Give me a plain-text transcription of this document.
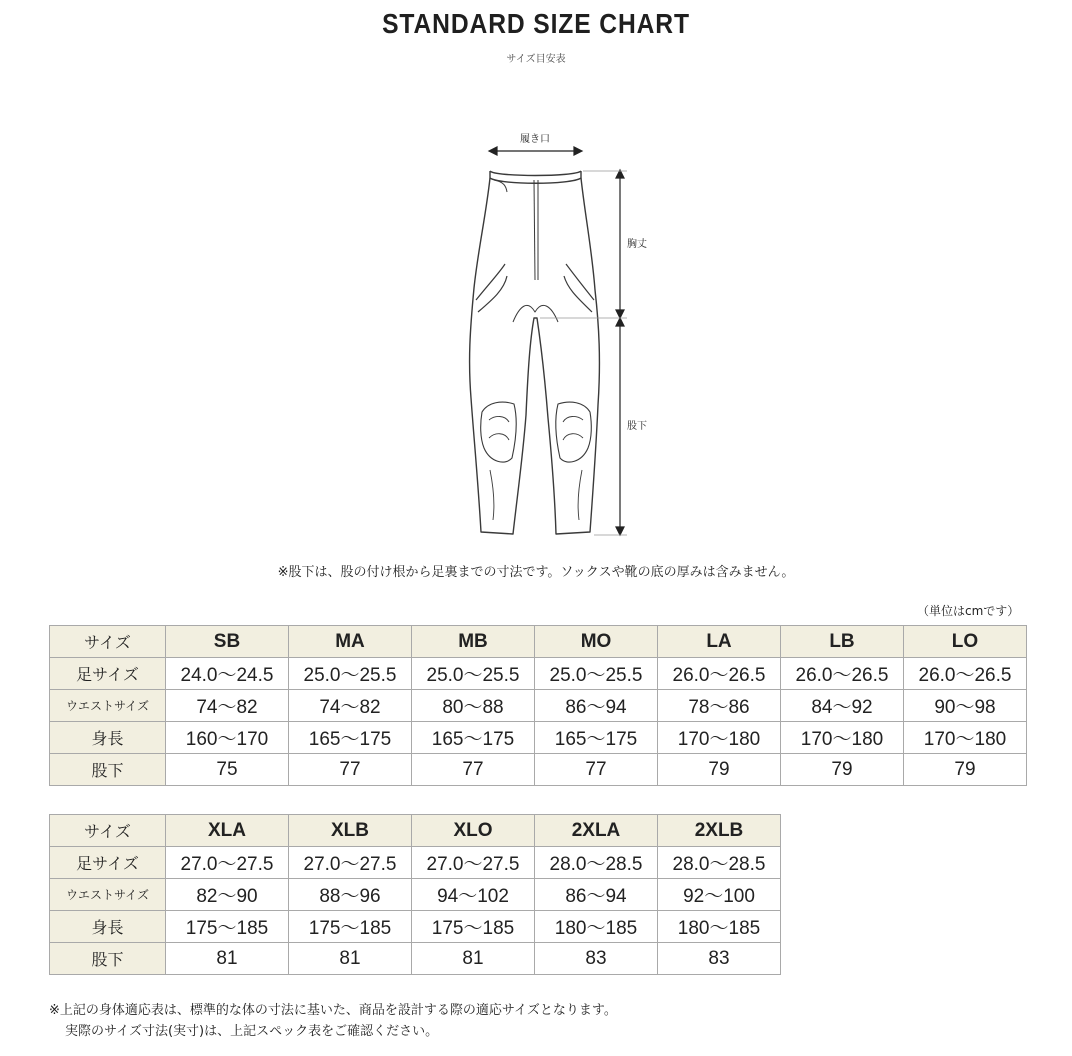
STANDARD SIZE CHART
サイズ目安表
履き口
胸丈
股下
※股下は、股の付け根から足裏までの寸法です。ソックスや靴の底の厚みは含みません。
（単位はcmです）
サイズ	SB	MA	MB	MO	LA	LB	LO
足サイズ	24.0〜24.5	25.0〜25.5	25.0〜25.5	25.0〜25.5	26.0〜26.5	26.0〜26.5	26.0〜26.5
ウエストサイズ	74〜82	74〜82	80〜88	86〜94	78〜86	84〜92	90〜98
身長	160〜170	165〜175	165〜175	165〜175	170〜180	170〜180	170〜180
股下	75	77	77	77	79	79	79
サイズ	XLA	XLB	XLO	2XLA	2XLB
足サイズ	27.0〜27.5	27.0〜27.5	27.0〜27.5	28.0〜28.5	28.0〜28.5
ウエストサイズ	82〜90	88〜96	94〜102	86〜94	92〜100
身長	175〜185	175〜185	175〜185	180〜185	180〜185
股下	81	81	81	83	83
※上記の身体適応表は、標準的な体の寸法に基いた、商品を設計する際の適応サイズとなります。
実際のサイズ寸法(実寸)は、上記スペック表をご確認ください。
